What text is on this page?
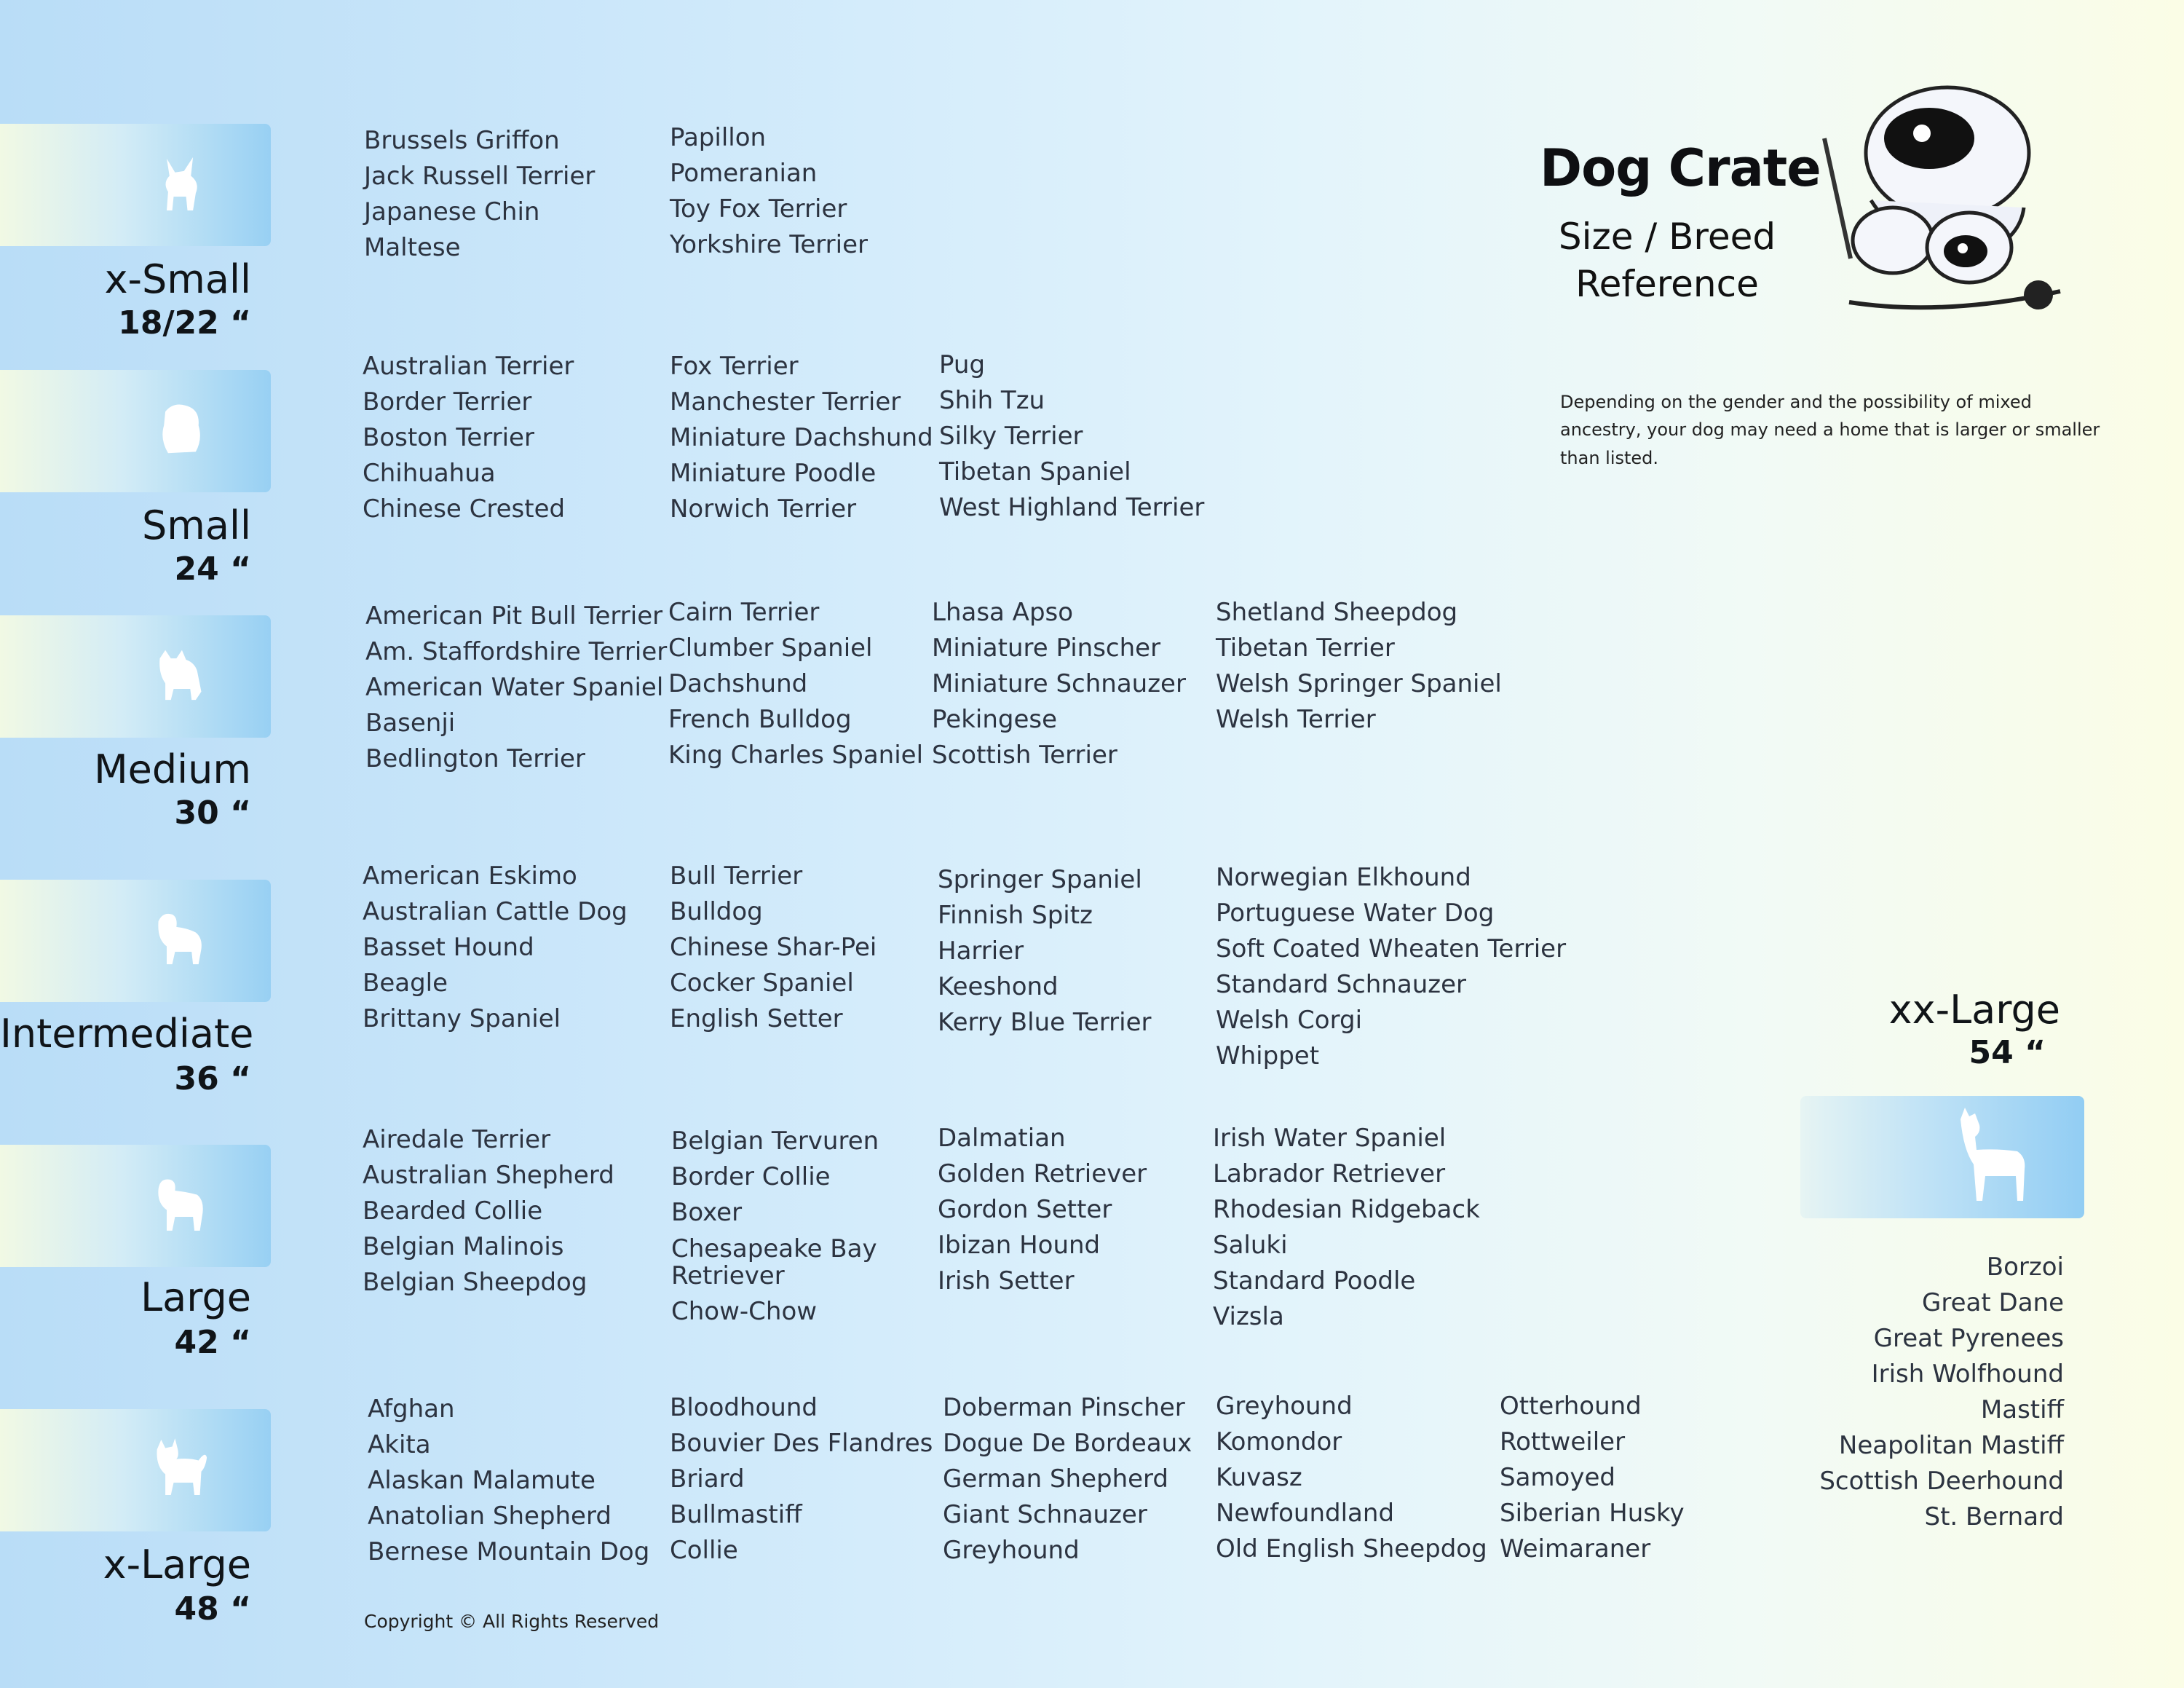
Dog Crate
Size / Breed
Reference
Depending on the gender and the possibility of mixed ancestry, your dog may need a home that is larger or smaller than listed.
x-Small
18/22 “
Brussels Griffon
Jack Russell Terrier
Japanese Chin
Maltese
Papillon
Pomeranian
Toy Fox Terrier
Yorkshire Terrier
Small
24 “
Australian Terrier
Border Terrier
Boston Terrier
Chihuahua
Chinese Crested
Fox Terrier
Manchester Terrier
Miniature Dachshund
Miniature Poodle
Norwich Terrier
Pug
Shih Tzu
Silky Terrier
Tibetan Spaniel
West Highland Terrier
Medium
30 “
American Pit Bull Terrier
Am. Staffordshire Terrier
American Water Spaniel
Basenji
Bedlington Terrier
Cairn Terrier
Clumber Spaniel
Dachshund
French Bulldog
King Charles Spaniel
Lhasa Apso
Miniature Pinscher
Miniature Schnauzer
Pekingese
Scottish Terrier
Shetland Sheepdog
Tibetan Terrier
Welsh Springer Spaniel
Welsh Terrier
Intermediate
36 “
American Eskimo
Australian Cattle Dog
Basset Hound
Beagle
Brittany Spaniel
Bull Terrier
Bulldog
Chinese Shar-Pei
Cocker Spaniel
English Setter
Springer Spaniel
Finnish Spitz
Harrier
Keeshond
Kerry Blue Terrier
Norwegian Elkhound
Portuguese Water Dog
Soft Coated Wheaten Terrier
Standard Schnauzer
Welsh Corgi
Whippet
Large
42 “
Airedale Terrier
Australian Shepherd
Bearded Collie
Belgian Malinois
Belgian Sheepdog
Belgian Tervuren
Border Collie
Boxer
Chesapeake Bay Retriever
Chow-Chow
Dalmatian
Golden Retriever
Gordon Setter
Ibizan Hound
Irish Setter
Irish Water Spaniel
Labrador Retriever
Rhodesian Ridgeback
Saluki
Standard Poodle
Vizsla
x-Large
48 “
Afghan
Akita
Alaskan Malamute
Anatolian Shepherd
Bernese Mountain Dog
Bloodhound
Bouvier Des Flandres
Briard
Bullmastiff
Collie
Doberman Pinscher
Dogue De Bordeaux
German Shepherd
Giant Schnauzer
Greyhound
Greyhound
Komondor
Kuvasz
Newfoundland
Old English Sheepdog
Otterhound
Rottweiler
Samoyed
Siberian Husky
Weimaraner
xx-Large
54 “
Borzoi
Great Dane
Great Pyrenees
Irish Wolfhound
Mastiff
Neapolitan Mastiff
Scottish Deerhound
St. Bernard
Copyright © All Rights Reserved
